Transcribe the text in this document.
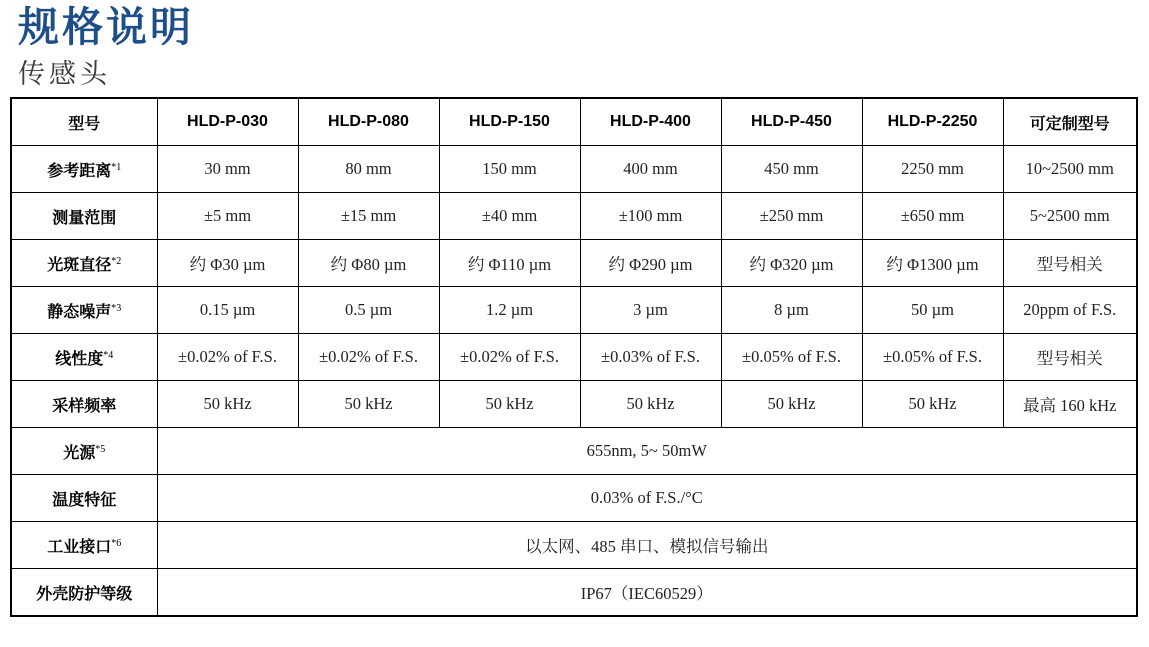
规格说明
传感头
型号	HLD-P-030	HLD-P-080	HLD-P-150	HLD-P-400	HLD-P-450	HLD-P-2250	可定制型号
参考距离$^{*1}$	30 mm	80 mm	150 mm	400 mm	450 mm	2250 mm	10~2500 mm
测量范围	±5 mm	±15 mm	±40 mm	±100 mm	±250 mm	±650 mm	5~2500 mm
光斑直径$^{*2}$	约 Φ30 µm	约 Φ80 µm	约 Φ110 µm	约 Φ290 µm	约 Φ320 µm	约 Φ1300 µm	型号相关
静态噪声$^{*3}$	0.15 µm	0.5 µm	1.2 µm	3 µm	8 µm	50 µm	20ppm of F.S.
线性度$^{*4}$	±0.02% of F.S.	±0.02% of F.S.	±0.02% of F.S.	±0.03% of F.S.	±0.05% of F.S.	±0.05% of F.S.	型号相关
采样频率	50 kHz	50 kHz	50 kHz	50 kHz	50 kHz	50 kHz	最高 160 kHz
光源$^{*5}$	655nm, 5~ 50mW						
温度特征	0.03% of F.S./°C						
工业接口$^{*6}$	以太网、485 串口、模拟信号输出						
外壳防护等级	IP67（IEC60529）						
